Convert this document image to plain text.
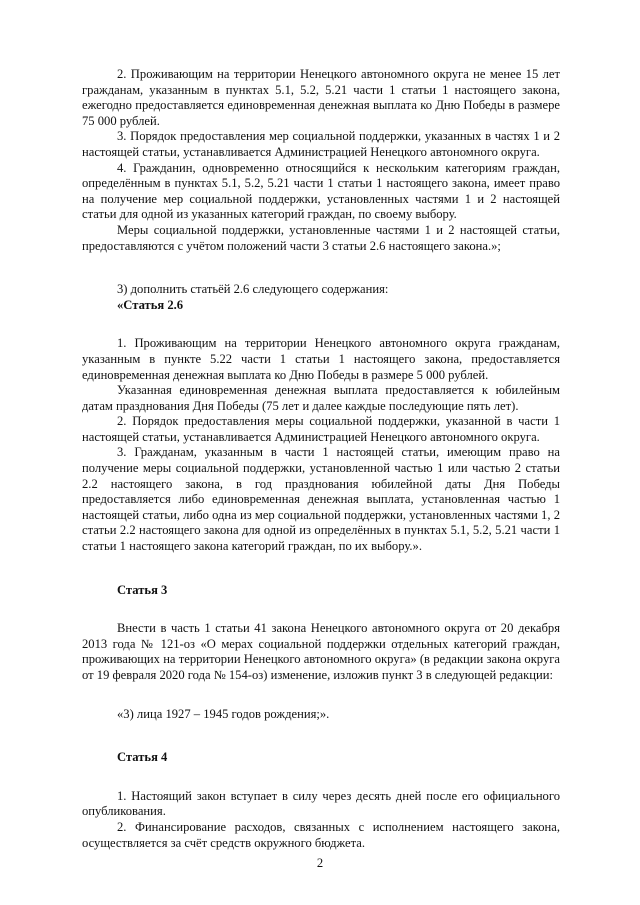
2. Проживающим на территории Ненецкого автономного округа не менее 15 лет гражданам, указанным в пунктах 5.1, 5.2, 5.21 части 1 статьи 1 настоящего закона, ежегодно предоставляется единовременная денежная выплата ко Дню Победы в размере 75 000 рублей.

3. Порядок предоставления мер социальной поддержки, указанных в частях 1 и 2 настоящей статьи, устанавливается Администрацией Ненецкого автономного округа.

4. Гражданин, одновременно относящийся к нескольким категориям граждан, определённым в пунктах 5.1, 5.2, 5.21 части 1 статьи 1 настоящего закона, имеет право на получение мер социальной поддержки, установленных частями 1 и 2 настоящей статьи для одной из указанных категорий граждан, по своему выбору.

Меры социальной поддержки, установленные частями 1 и 2 настоящей статьи, предоставляются с учётом положений части 3 статьи 2.6 настоящего закона.»;

3) дополнить статьёй 2.6 следующего содержания:

«Статья 2.6

1. Проживающим на территории Ненецкого автономного округа гражданам, указанным в пункте 5.22 части 1 статьи 1 настоящего закона, предоставляется единовременная денежная выплата ко Дню Победы в размере 5 000 рублей.

Указанная единовременная денежная выплата предоставляется к юбилейным датам празднования Дня Победы (75 лет и далее каждые последующие пять лет).

2. Порядок предоставления меры социальной поддержки, указанной в части 1 настоящей статьи, устанавливается Администрацией Ненецкого автономного округа.

3. Гражданам, указанным в части 1 настоящей статьи, имеющим право на получение меры социальной поддержки, установленной частью 1 или частью 2 статьи 2.2 настоящего закона, в год празднования юбилейной даты Дня Победы предоставляется либо единовременная денежная выплата, установленная частью 1 настоящей статьи, либо одна из мер социальной поддержки, установленных частями 1, 2 статьи 2.2 настоящего закона для одной из определённых в пунктах 5.1, 5.2, 5.21 части 1 статьи 1 настоящего закона категорий граждан, по их выбору.».

Статья 3

Внести в часть 1 статьи 41 закона Ненецкого автономного округа от 20 декабря 2013 года № 121-оз «О мерах социальной поддержки отдельных категорий граждан, проживающих на территории Ненецкого автономного округа» (в редакции закона округа от 19 февраля 2020 года № 154-оз) изменение, изложив пункт 3 в следующей редакции:

«3) лица 1927 – 1945 годов рождения;».

Статья 4

1. Настоящий закон вступает в силу через десять дней после его официального опубликования.

2. Финансирование расходов, связанных с исполнением настоящего закона, осуществляется за счёт средств окружного бюджета.

2
